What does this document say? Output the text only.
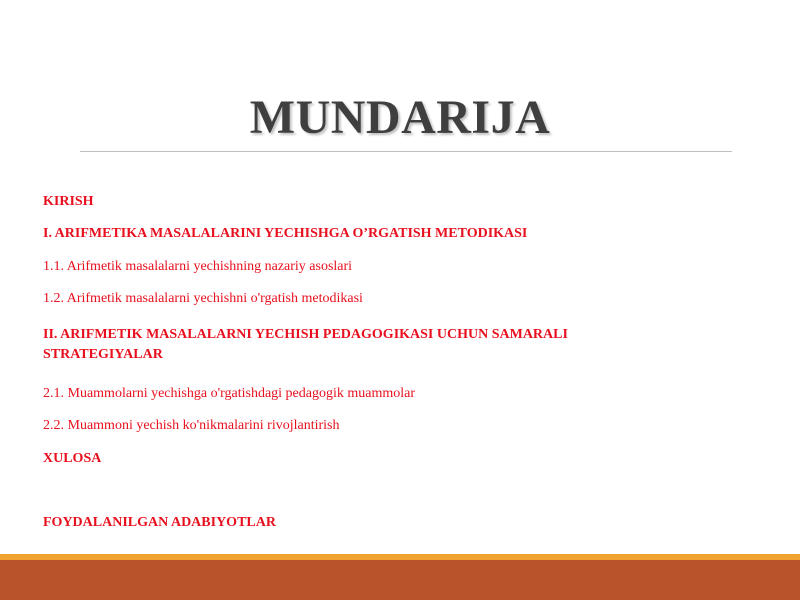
MUNDARIJA

KIRISH

I. ARIFMETIKA MASALALARINI YECHISHGA O’RGATISH METODIKASI

1.1. Arifmetik masalalarni yechishning nazariy asoslari

1.2. Arifmetik masalalarni yechishni o'rgatish metodikasi

II. ARIFMETIK MASALALARNI YECHISH PEDAGOGIKASI UCHUN SAMARALI STRATEGIYALAR

2.1. Muammolarni yechishga o'rgatishdagi pedagogik muammolar

2.2. Muammoni yechish ko'nikmalarini rivojlantirish

XULOSA

FOYDALANILGAN ADABIYOTLAR
